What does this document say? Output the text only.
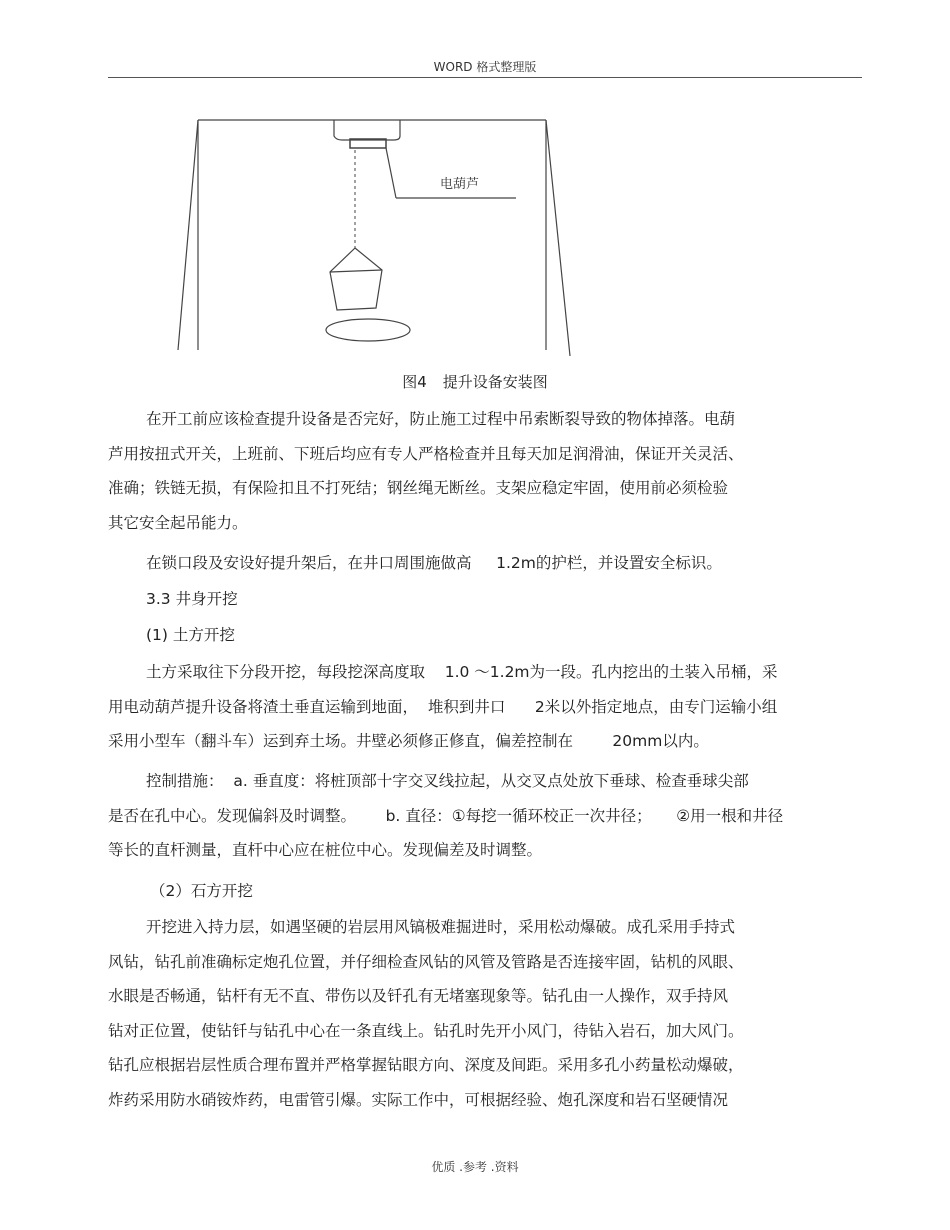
WORD 格式整理版
电葫芦
图4 提升设备安装图
在开工前应该检查提升设备是否完好，防止施工过程中吊索断裂导致的物体掉落。电葫
芦用按扭式开关，上班前、下班后均应有专人严格检查并且每天加足润滑油，保证开关灵活、
准确；铁链无损，有保险扣且不打死结；钢丝绳无断丝。支架应稳定牢固，使用前必须检验
其它安全起吊能力。
在锁口段及安设好提升架后，在井口周围施做高     1.2m的护栏，并设置安全标识。
3.3 井身开挖
(1) 土方开挖
土方采取往下分段开挖，每段挖深高度取    1.0 ～1.2m为一段。孔内挖出的土装入吊桶，采
用电动葫芦提升设备将渣土垂直运输到地面，  堆积到井口      2米以外指定地点，由专门运输小组
采用小型车（翻斗车）运到弃土场。井壁必须修正修直，偏差控制在        20mm以内。
控制措施：  a. 垂直度：将桩顶部十字交叉线拉起，从交叉点处放下垂球、检查垂球尖部
是否在孔中心。发现偏斜及时调整。      b. 直径：①每挖一循环校正一次井径；     ②用一根和井径
等长的直杆测量，直杆中心应在桩位中心。发现偏差及时调整。
（2）石方开挖
开挖进入持力层，如遇坚硬的岩层用风镐极难掘进时，采用松动爆破。成孔采用手持式
风钻，钻孔前准确标定炮孔位置，并仔细检查风钻的风管及管路是否连接牢固，钻机的风眼、
水眼是否畅通，钻杆有无不直、带伤以及钎孔有无堵塞现象等。钻孔由一人操作，双手持风
钻对正位置，使钻钎与钻孔中心在一条直线上。钻孔时先开小风门，待钻入岩石，加大风门。
钻孔应根据岩层性质合理布置并严格掌握钻眼方向、深度及间距。采用多孔小药量松动爆破，
炸药采用防水硝铵炸药，电雷管引爆。实际工作中，可根据经验、炮孔深度和岩石坚硬情况
优质 .参考 .资料
